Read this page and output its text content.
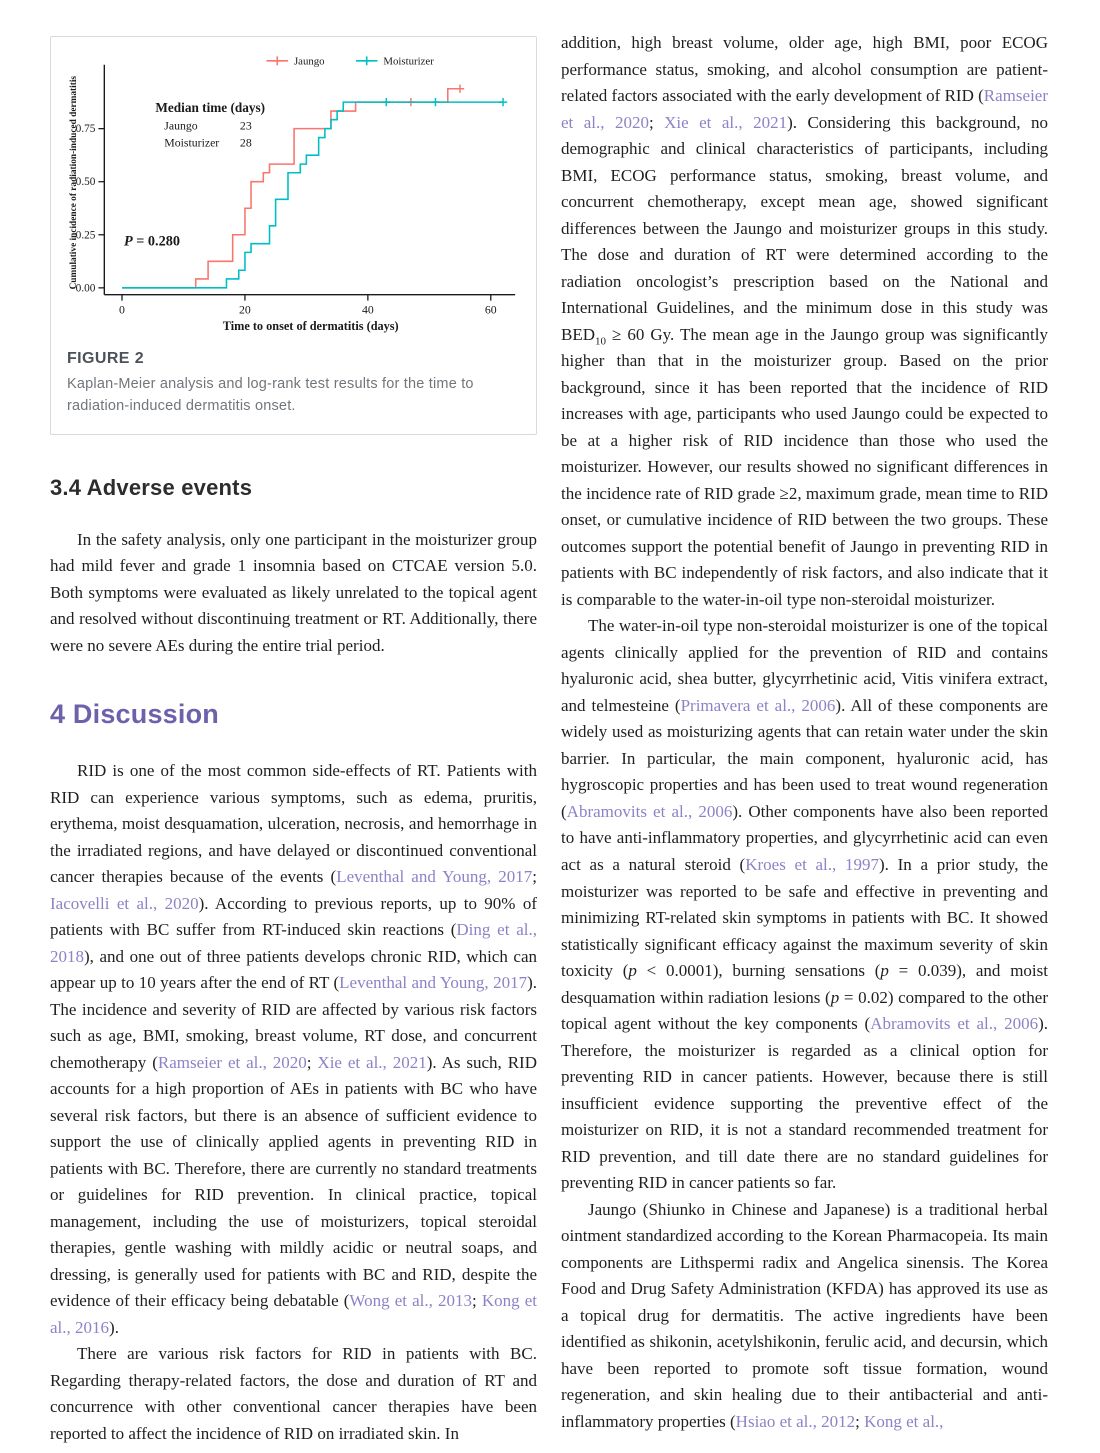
0.00
0.25
0.50
0.75
0	20	40	60
Time to onset of dermatitis (days)
Cumulative incidence of radiation-induced dermatitis
Jaungo	Moisturizer
Median time (days)
Jaungo	23
Moisturizer 28
P = 0.280
FIGURE 2
Kaplan-Meier analysis and log-rank test results for the time to radiation-induced dermatitis onset.
3.4 Adverse events

In the safety analysis, only one participant in the moisturizer group had mild fever and grade 1 insomnia based on CTCAE version 5.0. Both symptoms were evaluated as likely unrelated to the topical agent and resolved without discontinuing treatment or RT. Additionally, there were no severe AEs during the entire trial period.

4 Discussion

RID is one of the most common side-effects of RT. Patients with RID can experience various symptoms, such as edema, pruritis, erythema, moist desquamation, ulceration, necrosis, and hemorrhage in the irradiated regions, and have delayed or discontinued conventional cancer therapies because of the events (Leventhal and Young, 2017; Iacovelli et al., 2020). According to previous reports, up to 90% of patients with BC suffer from RT-induced skin reactions (Ding et al., 2018), and one out of three patients develops chronic RID, which can appear up to 10 years after the end of RT (Leventhal and Young, 2017). The incidence and severity of RID are affected by various risk factors such as age, BMI, smoking, breast volume, RT dose, and concurrent chemotherapy (Ramseier et al., 2020; Xie et al., 2021). As such, RID accounts for a high proportion of AEs in patients with BC who have several risk factors, but there is an absence of sufficient evidence to support the use of clinically applied agents in preventing RID in patients with BC. Therefore, there are currently no standard treatments or guidelines for RID prevention. In clinical practice, topical management, including the use of moisturizers, topical steroidal therapies, gentle washing with mildly acidic or neutral soaps, and dressing, is generally used for patients with BC and RID, despite the evidence of their efficacy being debatable (Wong et al., 2013; Kong et al., 2016).

There are various risk factors for RID in patients with BC. Regarding therapy-related factors, the dose and duration of RT and concurrence with other conventional cancer therapies have been reported to affect the incidence of RID on irradiated skin. In

addition, high breast volume, older age, high BMI, poor ECOG performance status, smoking, and alcohol consumption are patient-related factors associated with the early development of RID (Ramseier et al., 2020; Xie et al., 2021). Considering this background, no demographic and clinical characteristics of participants, including BMI, ECOG performance status, smoking, breast volume, and concurrent chemotherapy, except mean age, showed significant differences between the Jaungo and moisturizer groups in this study. The dose and duration of RT were determined according to the radiation oncologist’s prescription based on the National and International Guidelines, and the minimum dose in this study was $BED_{10} \ge 60$ Gy. The mean age in the Jaungo group was significantly higher than that in the moisturizer group. Based on the prior background, since it has been reported that the incidence of RID increases with age, participants who used Jaungo could be expected to be at a higher risk of RID incidence than those who used the moisturizer. However, our results showed no significant differences in the incidence rate of RID grade ≥2, maximum grade, mean time to RID onset, or cumulative incidence of RID between the two groups. These outcomes support the potential benefit of Jaungo in preventing RID in patients with BC independently of risk factors, and also indicate that it is comparable to the water-in-oil type non-steroidal moisturizer.

The water-in-oil type non-steroidal moisturizer is one of the topical agents clinically applied for the prevention of RID and contains hyaluronic acid, shea butter, glycyrrhetinic acid, Vitis vinifera extract, and telmesteine (Primavera et al., 2006). All of these components are widely used as moisturizing agents that can retain water under the skin barrier. In particular, the main component, hyaluronic acid, has hygroscopic properties and has been used to treat wound regeneration (Abramovits et al., 2006). Other components have also been reported to have anti-inflammatory properties, and glycyrrhetinic acid can even act as a natural steroid (Kroes et al., 1997). In a prior study, the moisturizer was reported to be safe and effective in preventing and minimizing RT-related skin symptoms in patients with BC. It showed statistically significant efficacy against the maximum severity of skin toxicity (p < 0.0001), burning sensations (p = 0.039), and moist desquamation within radiation lesions (p = 0.02) compared to the other topical agent without the key components (Abramovits et al., 2006). Therefore, the moisturizer is regarded as a clinical option for preventing RID in cancer patients. However, because there is still insufficient evidence supporting the preventive effect of the moisturizer on RID, it is not a standard recommended treatment for RID prevention, and till date there are no standard guidelines for preventing RID in cancer patients so far.

Jaungo (Shiunko in Chinese and Japanese) is a traditional herbal ointment standardized according to the Korean Pharmacopeia. Its main components are Lithspermi radix and Angelica sinensis. The Korea Food and Drug Safety Administration (KFDA) has approved its use as a topical drug for dermatitis. The active ingredients have been identified as shikonin, acetylshikonin, ferulic acid, and decursin, which have been reported to promote soft tissue formation, wound regeneration, and skin healing due to their antibacterial and anti-inflammatory properties (Hsiao et al., 2012; Kong et al.,
